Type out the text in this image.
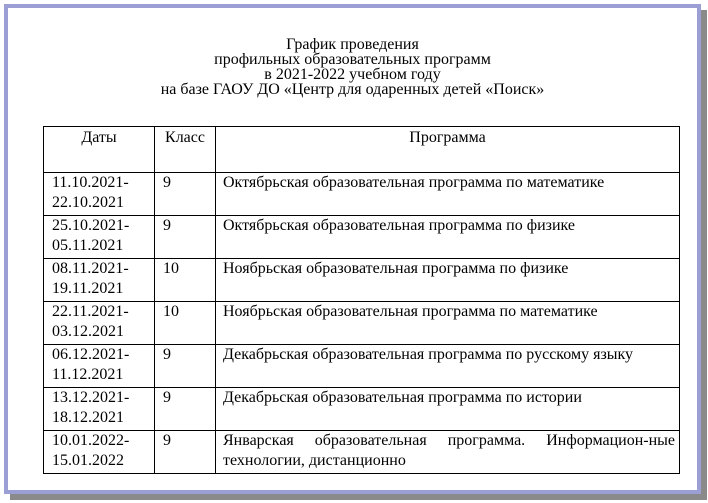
График проведения
профильных образовательных программ
в 2021-2022 учебном году
на базе ГАОУ ДО «Центр для одаренных детей «Поиск»
Даты	Класс	Программа
11.10.2021-
22.10.2021	9	Октябрьская образовательная программа по математике
25.10.2021-
05.11.2021	9	Октябрьская образовательная программа по физике
08.11.2021-
19.11.2021	10	Ноябрьская образовательная программа по физике
22.11.2021-
03.12.2021	10	Ноябрьская образовательная программа по математике
06.12.2021-
11.12.2021	9	Декабрьская образовательная программа по русскому языку
13.12.2021-
18.12.2021	9	Декабрьская образовательная программа по истории
10.01.2022-
15.01.2022	9	Январская образовательная программа. Информацион-ные технологии, дистанционно
